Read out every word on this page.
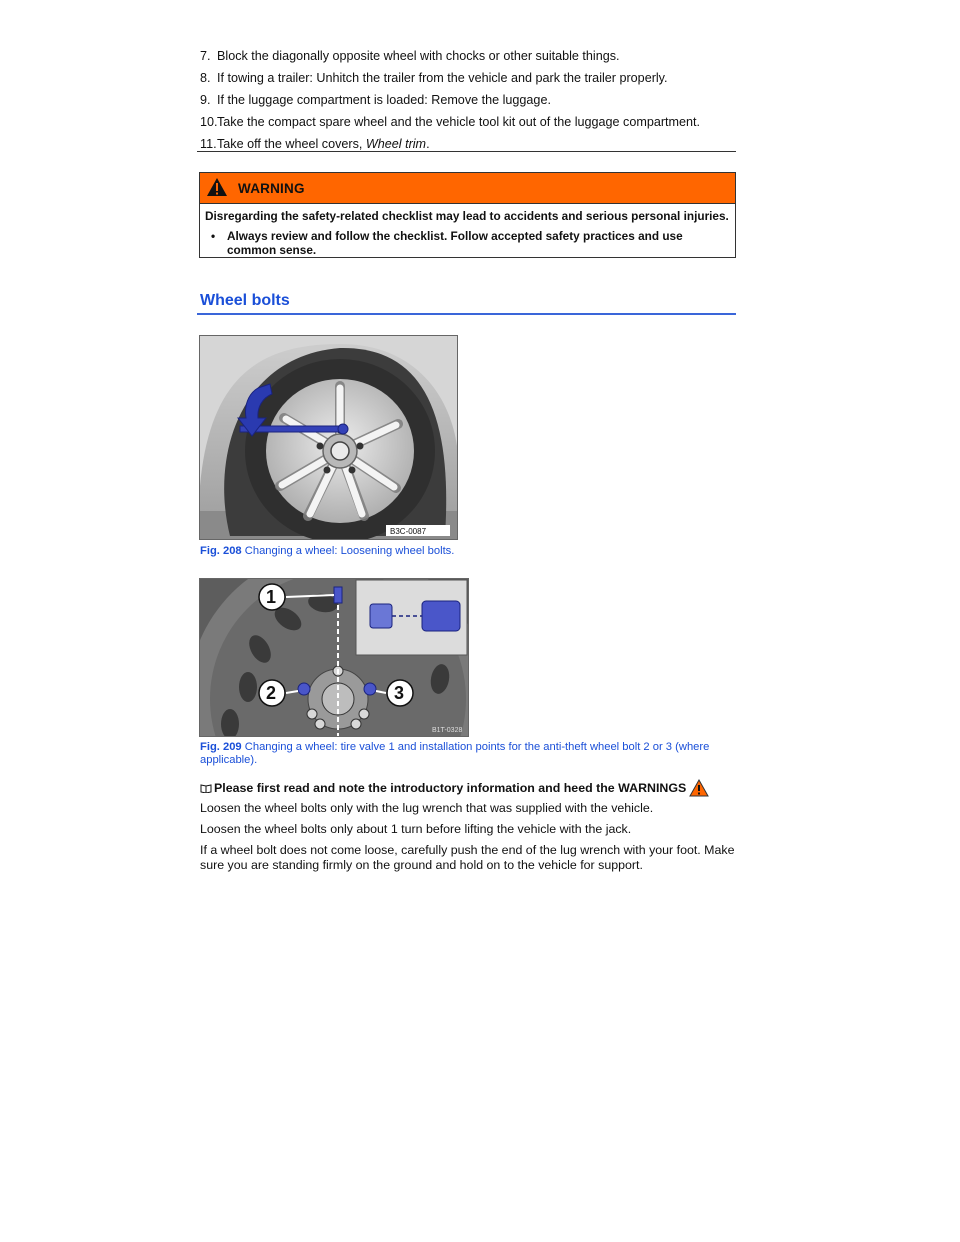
7. Block the diagonally opposite wheel with chocks or other suitable things.
8. If towing a trailer: Unhitch the trailer from the vehicle and park the trailer properly.
9. If the luggage compartment is loaded: Remove the luggage.
10. Take the compact spare wheel and the vehicle tool kit out of the luggage compartment.
11. Take off the wheel covers, Wheel trim.
WARNING

Disregarding the safety-related checklist may lead to accidents and serious personal injuries.

•	Always review and follow the checklist. Follow accepted safety practices and use common sense.
Wheel bolts
B3C-0087
Fig. 208 Changing a wheel: Loosening wheel bolts.
1
2	3
B1T-0328
Fig. 209 Changing a wheel: tire valve 1 and installation points for the anti-theft wheel bolt 2 or 3 (where applicable).
Please first read and note the introductory information and heed the WARNINGS

Loosen the wheel bolts only with the lug wrench that was supplied with the vehicle.

Loosen the wheel bolts only about 1 turn before lifting the vehicle with the jack.

If a wheel bolt does not come loose, carefully push the end of the lug wrench with your foot. Make sure you are standing firmly on the ground and hold on to the vehicle for support.
